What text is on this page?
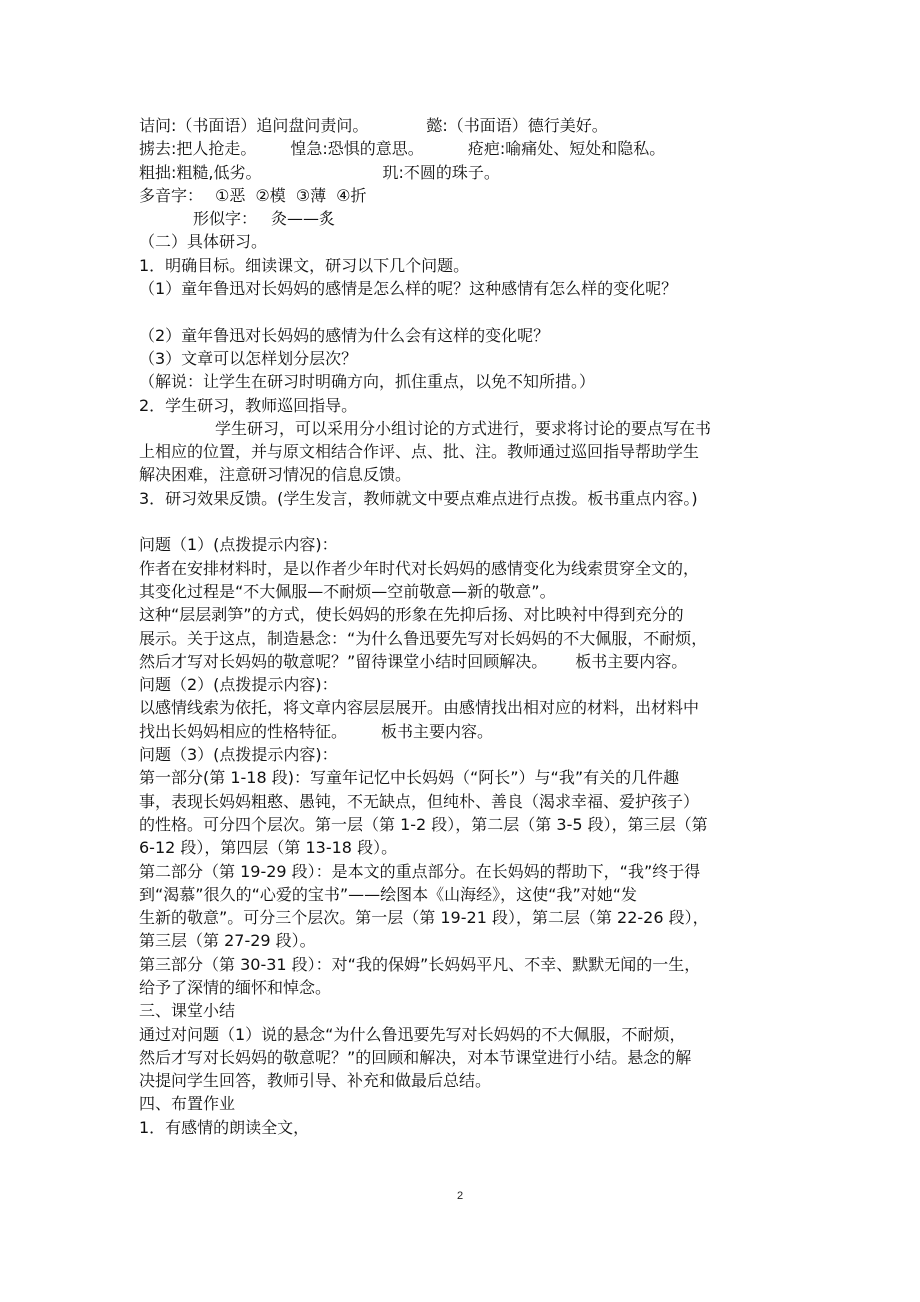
诘问:（书面语）追问盘问责问。	懿:（书面语）德行美好。
掳去:把人抢走。 惶急:恐惧的意思。	疮疤:喻痛处、短处和隐私。
粗拙:粗糙,低劣。	玑:不圆的珠子。
多音字： ①恶 ②模 ③薄 ④折
形似字： 灸——炙
（二）具体研习。
1．明确目标。细读课文，研习以下几个问题。
（1）童年鲁迅对长妈妈的感情是怎么样的呢？这种感情有怎么样的变化呢？
（2）童年鲁迅对长妈妈的感情为什么会有这样的变化呢？
（3）文章可以怎样划分层次？
（解说：让学生在研习时明确方向，抓住重点，以免不知所措。）
2．学生研习，教师巡回指导。
学生研习，可以采用分小组讨论的方式进行，要求将讨论的要点写在书
上相应的位置，并与原文相结合作评、点、批、注。教师通过巡回指导帮助学生
解决困难，注意研习情况的信息反馈。
3．研习效果反馈。(学生发言，教师就文中要点难点进行点拨。板书重点内容。)
问题（1）(点拨提示内容)：
作者在安排材料时，是以作者少年时代对长妈妈的感情变化为线索贯穿全文的，
其变化过程是“不大佩服—不耐烦—空前敬意—新的敬意”。
这种“层层剥笋”的方式，使长妈妈的形象在先抑后扬、对比映衬中得到充分的
展示。关于这点，制造悬念：“为什么鲁迅要先写对长妈妈的不大佩服，不耐烦，
然后才写对长妈妈的敬意呢？”留待课堂小结时回顾解决。 板书主要内容。
问题（2）(点拨提示内容)：
以感情线索为依托，将文章内容层层展开。由感情找出相对应的材料，出材料中
找出长妈妈相应的性格特征。 板书主要内容。
问题（3）(点拨提示内容)：
第一部分(第 1-18 段)：写童年记忆中长妈妈（“阿长”）与“我”有关的几件趣
事，表现长妈妈粗憨、愚钝，不无缺点，但纯朴、善良（渴求幸福、爱护孩子）
的性格。可分四个层次。第一层（第 1-2 段），第二层（第 3-5 段），第三层（第
6-12 段），第四层（第 13-18 段）。
第二部分（第 19-29 段）：是本文的重点部分。在长妈妈的帮助下，“我”终于得
到“渴慕”很久的“心爱的宝书”——绘图本《山海经》，这使“我”对她“发
生新的敬意”。可分三个层次。第一层（第 19-21 段），第二层（第 22-26 段），
第三层（第 27-29 段）。
第三部分（第 30-31 段）：对“我的保姆”长妈妈平凡、不幸、默默无闻的一生，
给予了深情的缅怀和悼念。
三、课堂小结
通过对问题（1）说的悬念“为什么鲁迅要先写对长妈妈的不大佩服，不耐烦，
然后才写对长妈妈的敬意呢？”的回顾和解决，对本节课堂进行小结。悬念的解
决提问学生回答，教师引导、补充和做最后总结。
四、布置作业
1．有感情的朗读全文，
2
